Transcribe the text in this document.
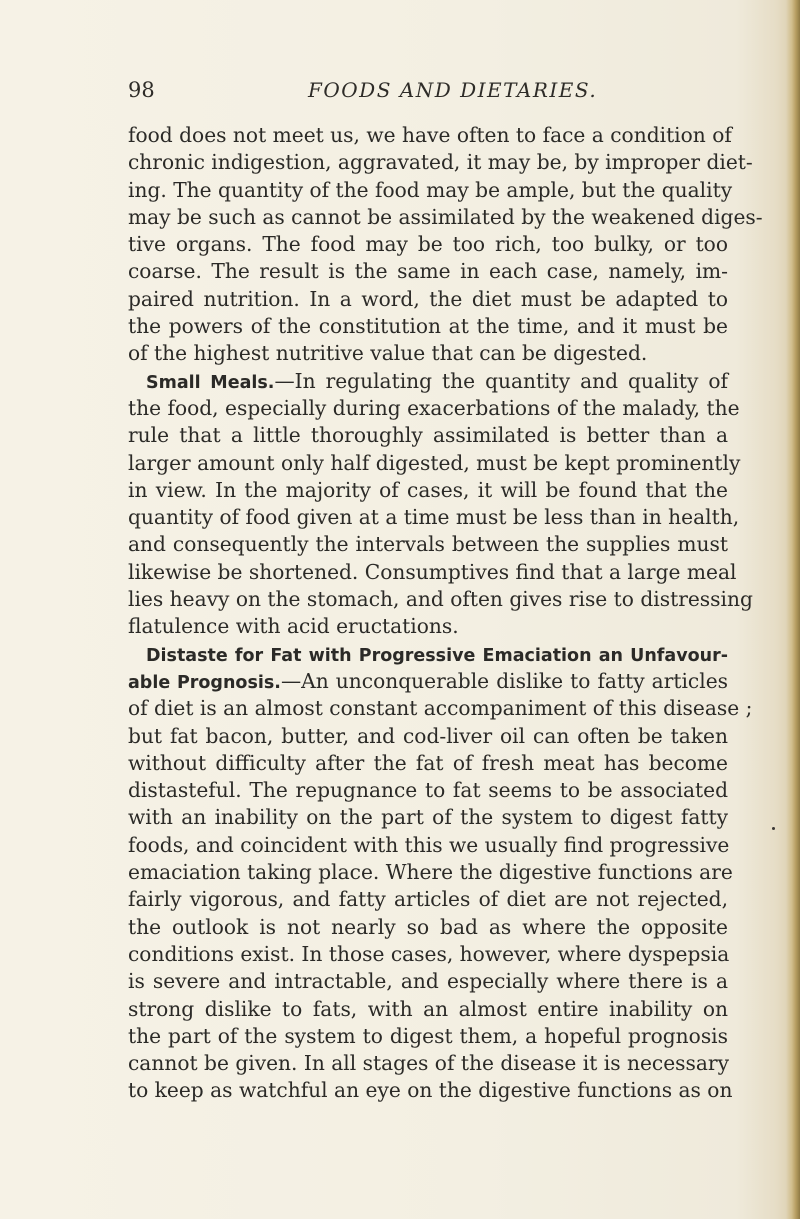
98	FOODS AND DIETARIES.
food does not meet us, we have often to face a condition of
chronic indigestion, aggravated, it may be, by improper diet-
ing. The quantity of the food may be ample, but the quality
may be such as cannot be assimilated by the weakened diges-
tive organs. The food may be too rich, too bulky, or too
coarse. The result is the same in each case, namely, im-
paired nutrition. In a word, the diet must be adapted to
the powers of the constitution at the time, and it must be
of the highest nutritive value that can be digested.
Small Meals.—In regulating the quantity and quality of
the food, especially during exacerbations of the malady, the
rule that a little thoroughly assimilated is better than a
larger amount only half digested, must be kept prominently
in view. In the majority of cases, it will be found that the
quantity of food given at a time must be less than in health,
and consequently the intervals between the supplies must
likewise be shortened. Consumptives find that a large meal
lies heavy on the stomach, and often gives rise to distressing
flatulence with acid eructations.
Distaste for Fat with Progressive Emaciation an Unfavour-
able Prognosis.—An unconquerable dislike to fatty articles
of diet is an almost constant accompaniment of this disease ;
but fat bacon, butter, and cod-liver oil can often be taken
without difficulty after the fat of fresh meat has become
distasteful. The repugnance to fat seems to be associated
with an inability on the part of the system to digest fatty
foods, and coincident with this we usually find progressive
emaciation taking place. Where the digestive functions are
fairly vigorous, and fatty articles of diet are not rejected,
the outlook is not nearly so bad as where the opposite
conditions exist. In those cases, however, where dyspepsia
is severe and intractable, and especially where there is a
strong dislike to fats, with an almost entire inability on
the part of the system to digest them, a hopeful prognosis
cannot be given. In all stages of the disease it is necessary
to keep as watchful an eye on the digestive functions as on
